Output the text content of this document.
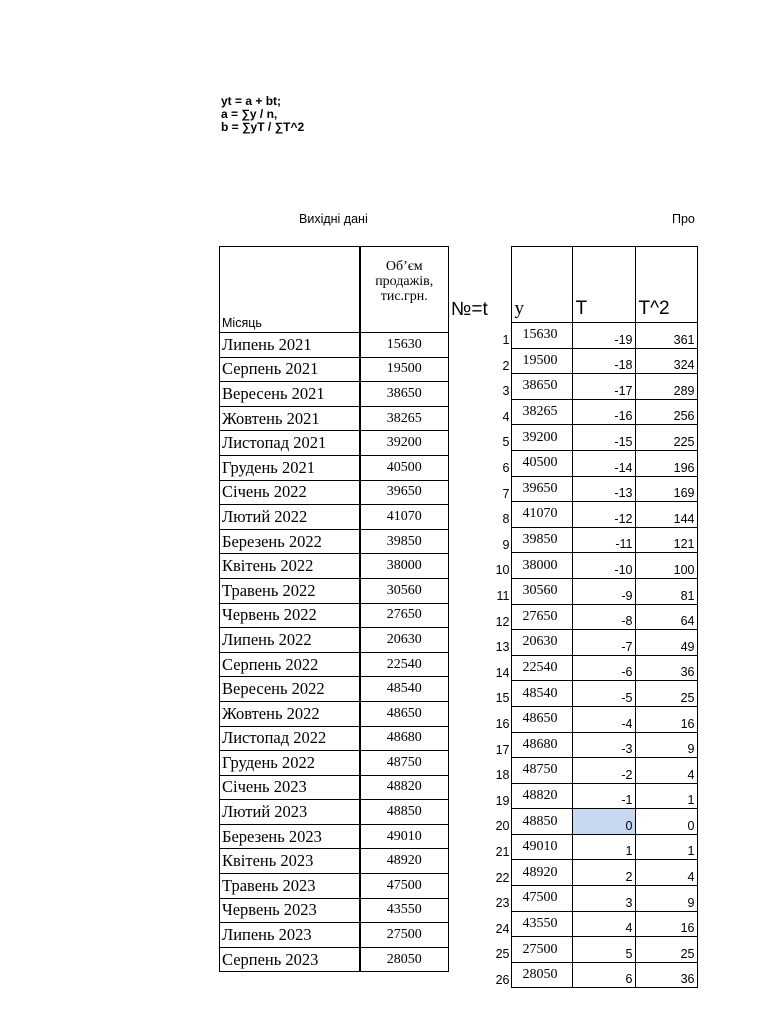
yt = a + bt;
a = ∑y / n,
b = ∑yT / ∑T^2
Вихідні дані	Про
Місяць	Об’єм продажів, тис.грн.
Липень 2021	15630
Серпень 2021	19500
Вересень 2021	38650
Жовтень 2021	38265
Листопад 2021	39200
Грудень 2021	40500
Січень 2022	39650
Лютий 2022	41070
Березень 2022	39850
Квітень 2022	38000
Травень 2022	30560
Червень 2022	27650
Липень 2022	20630
Серпень 2022	22540
Вересень 2022	48540
Жовтень 2022	48650
Листопад 2022	48680
Грудень 2022	48750
Січень 2023	48820
Лютий 2023	48850
Березень 2023	49010
Квітень 2023	48920
Травень 2023	47500
Червень 2023	43550
Липень 2023	27500
Серпень 2023	28050
№=t	y	T	T^2
1	15630	-19	361
2	19500	-18	324
3	38650	-17	289
4	38265	-16	256
5	39200	-15	225
6	40500	-14	196
7	39650	-13	169
8	41070	-12	144
9	39850	-11	121
10	38000	-10	100
11	30560	-9	81
12	27650	-8	64
13	20630	-7	49
14	22540	-6	36
15	48540	-5	25
16	48650	-4	16
17	48680	-3	9
18	48750	-2	4
19	48820	-1	1
20	48850	0	0
21	49010	1	1
22	48920	2	4
23	47500	3	9
24	43550	4	16
25	27500	5	25
26	28050	6	36
